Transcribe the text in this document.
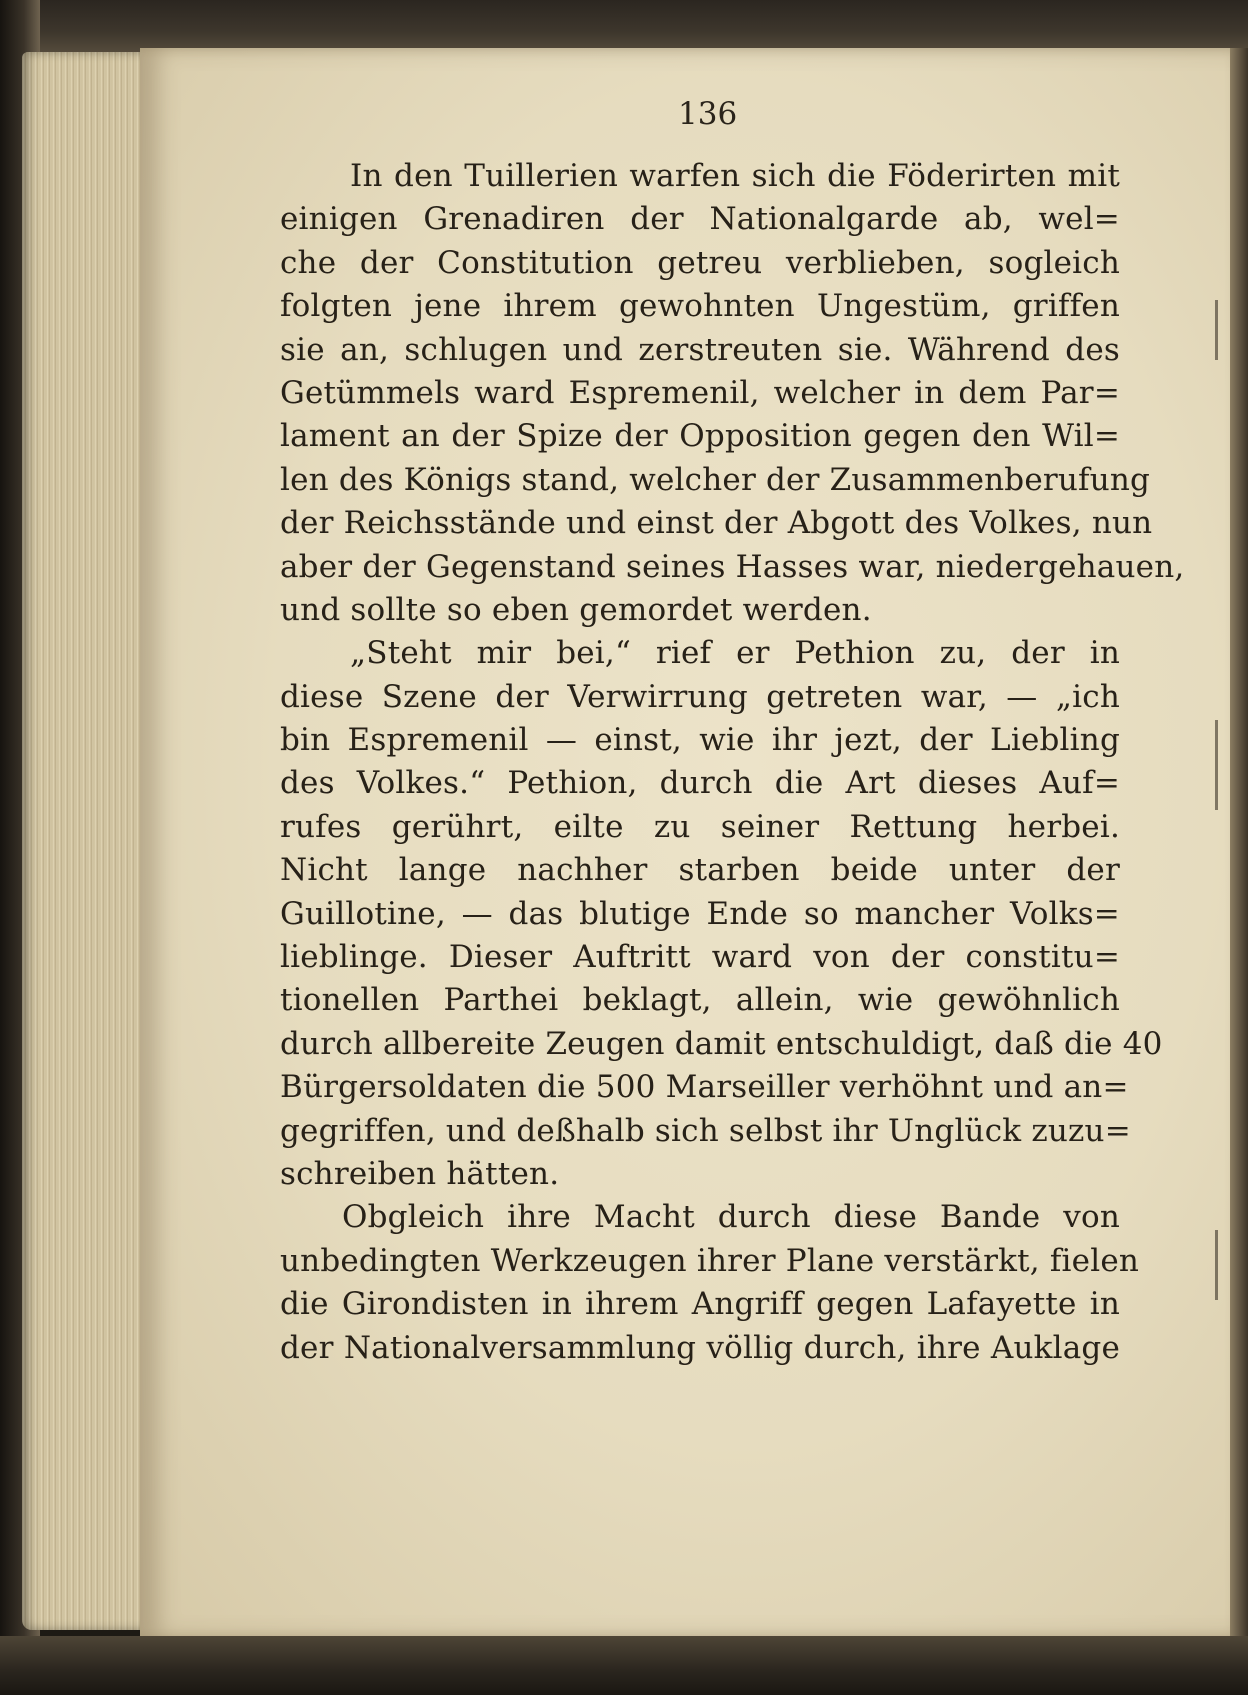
136
In den Tuillerien warfen sich die Föderirten mit
einigen Grenadiren der Nationalgarde ab, wel=
che der Constitution getreu verblieben, sogleich
folgten jene ihrem gewohnten Ungestüm, griffen
sie an, schlugen und zerstreuten sie. Während des
Getümmels ward Espremenil, welcher in dem Par=
lament an der Spize der Opposition gegen den Wil=
len des Königs stand, welcher der Zusammenberufung
der Reichsstände und einst der Abgott des Volkes, nun
aber der Gegenstand seines Hasses war, niedergehauen,
und sollte so eben gemordet werden.
„Steht mir bei,“ rief er Pethion zu, der in
diese Szene der Verwirrung getreten war, — „ich
bin Espremenil — einst, wie ihr jezt, der Liebling
des Volkes.“ Pethion, durch die Art dieses Auf=
rufes gerührt, eilte zu seiner Rettung herbei.
Nicht lange nachher starben beide unter der
Guillotine, — das blutige Ende so mancher Volks=
lieblinge. Dieser Auftritt ward von der constitu=
tionellen Parthei beklagt, allein, wie gewöhnlich
durch allbereite Zeugen damit entschuldigt, daß die 40
Bürgersoldaten die 500 Marseiller verhöhnt und an=
gegriffen, und deßhalb sich selbst ihr Unglück zuzu=
schreiben hätten.
Obgleich ihre Macht durch diese Bande von
unbedingten Werkzeugen ihrer Plane verstärkt, fielen
die Girondisten in ihrem Angriff gegen Lafayette in
der Nationalversammlung völlig durch, ihre Auklage
